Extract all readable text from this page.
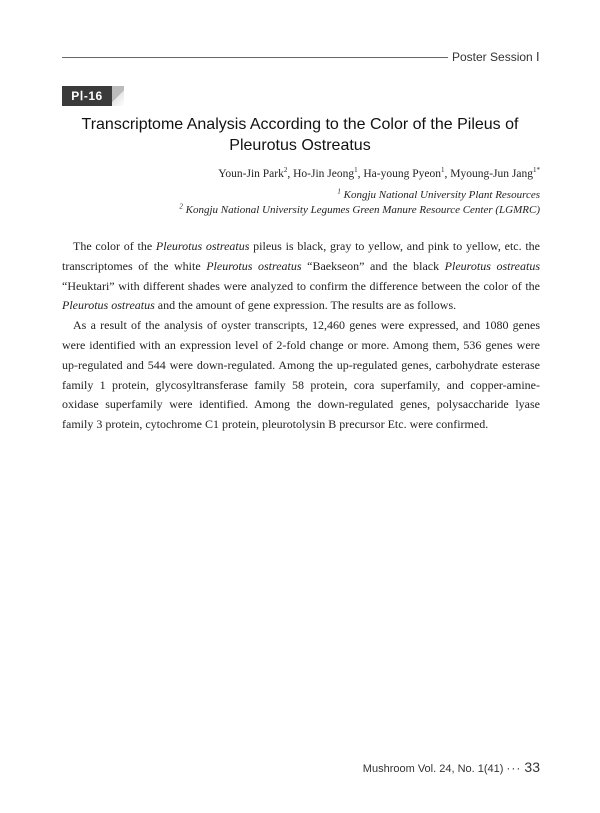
Poster Session Ⅰ
PⅠ-16
Transcriptome Analysis According to the Color of the Pileus of
Pleurotus Ostreatus
Youn-Jin Park$^2$, Ho-Jin Jeong$^1$, Ha-young Pyeon$^1$, Myoung-Jun Jang$^{1*}$
$^1$ Kongju National University Plant Resources
$^2$ Kongju National University Legumes Green Manure Resource Center (LGMRC)

The color of the Pleurotus ostreatus pileus is black, gray to yellow, and pink to yellow, etc. the transcriptomes of the white Pleurotus ostreatus “Baekseon” and the black Pleurotus ostreatus “Heuktari” with different shades were analyzed to confirm the difference between the color of the Pleurotus ostreatus and the amount of gene expression. The results are as follows.

As a result of the analysis of oyster transcripts, 12,460 genes were expressed, and 1080 genes were identified with an expression level of 2-fold change or more. Among them, 536 genes were up-regulated and 544 were down-regulated. Among the up-regulated genes, carbohydrate esterase family 1 protein, glycosyltransferase family 58 protein, cora superfamily, and copper-amine-oxidase superfamily were identified. Among the down-regulated genes, polysaccharide lyase family 3 protein, cytochrome C1 protein, pleurotolysin B precursor Etc. were confirmed.

Mushroom Vol. 24, No. 1(41) ··· 33
